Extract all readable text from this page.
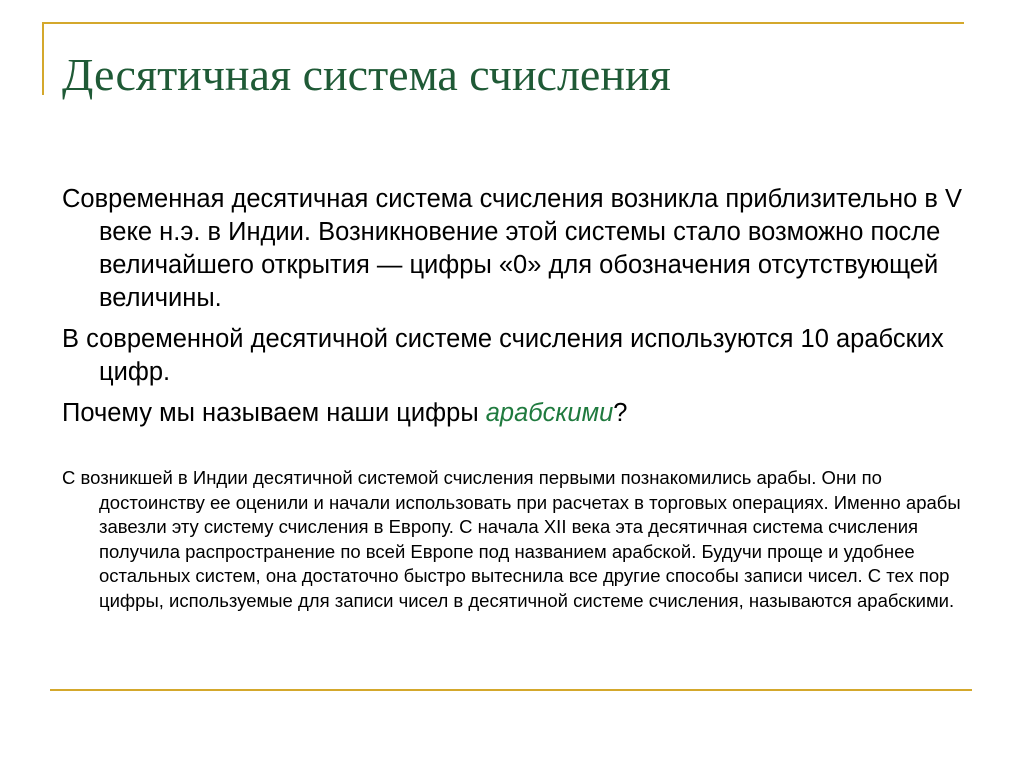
Десятичная система счисления

Современная десятичная система счисления возникла приблизительно в V веке н.э. в Индии. Возникновение этой системы стало возможно после величайшего открытия — цифры «0» для обозначения отсутствующей величины.

В современной десятичной системе счисления используются 10 арабских цифр.

Почему мы называем наши цифры арабскими?

С возникшей в Индии десятичной системой счисления первыми познакомились арабы. Они по достоинству ее оценили и начали использовать при расчетах в торговых операциях. Именно арабы завезли эту систему счисления в Европу. С начала XII века эта десятичная система счисления получила распространение по всей Европе под названием арабской. Будучи проще и удобнее остальных систем, она достаточно быстро вытеснила все другие способы записи чисел. С тех пор цифры, используемые для записи чисел в десятичной системе счисления, называются арабскими.
